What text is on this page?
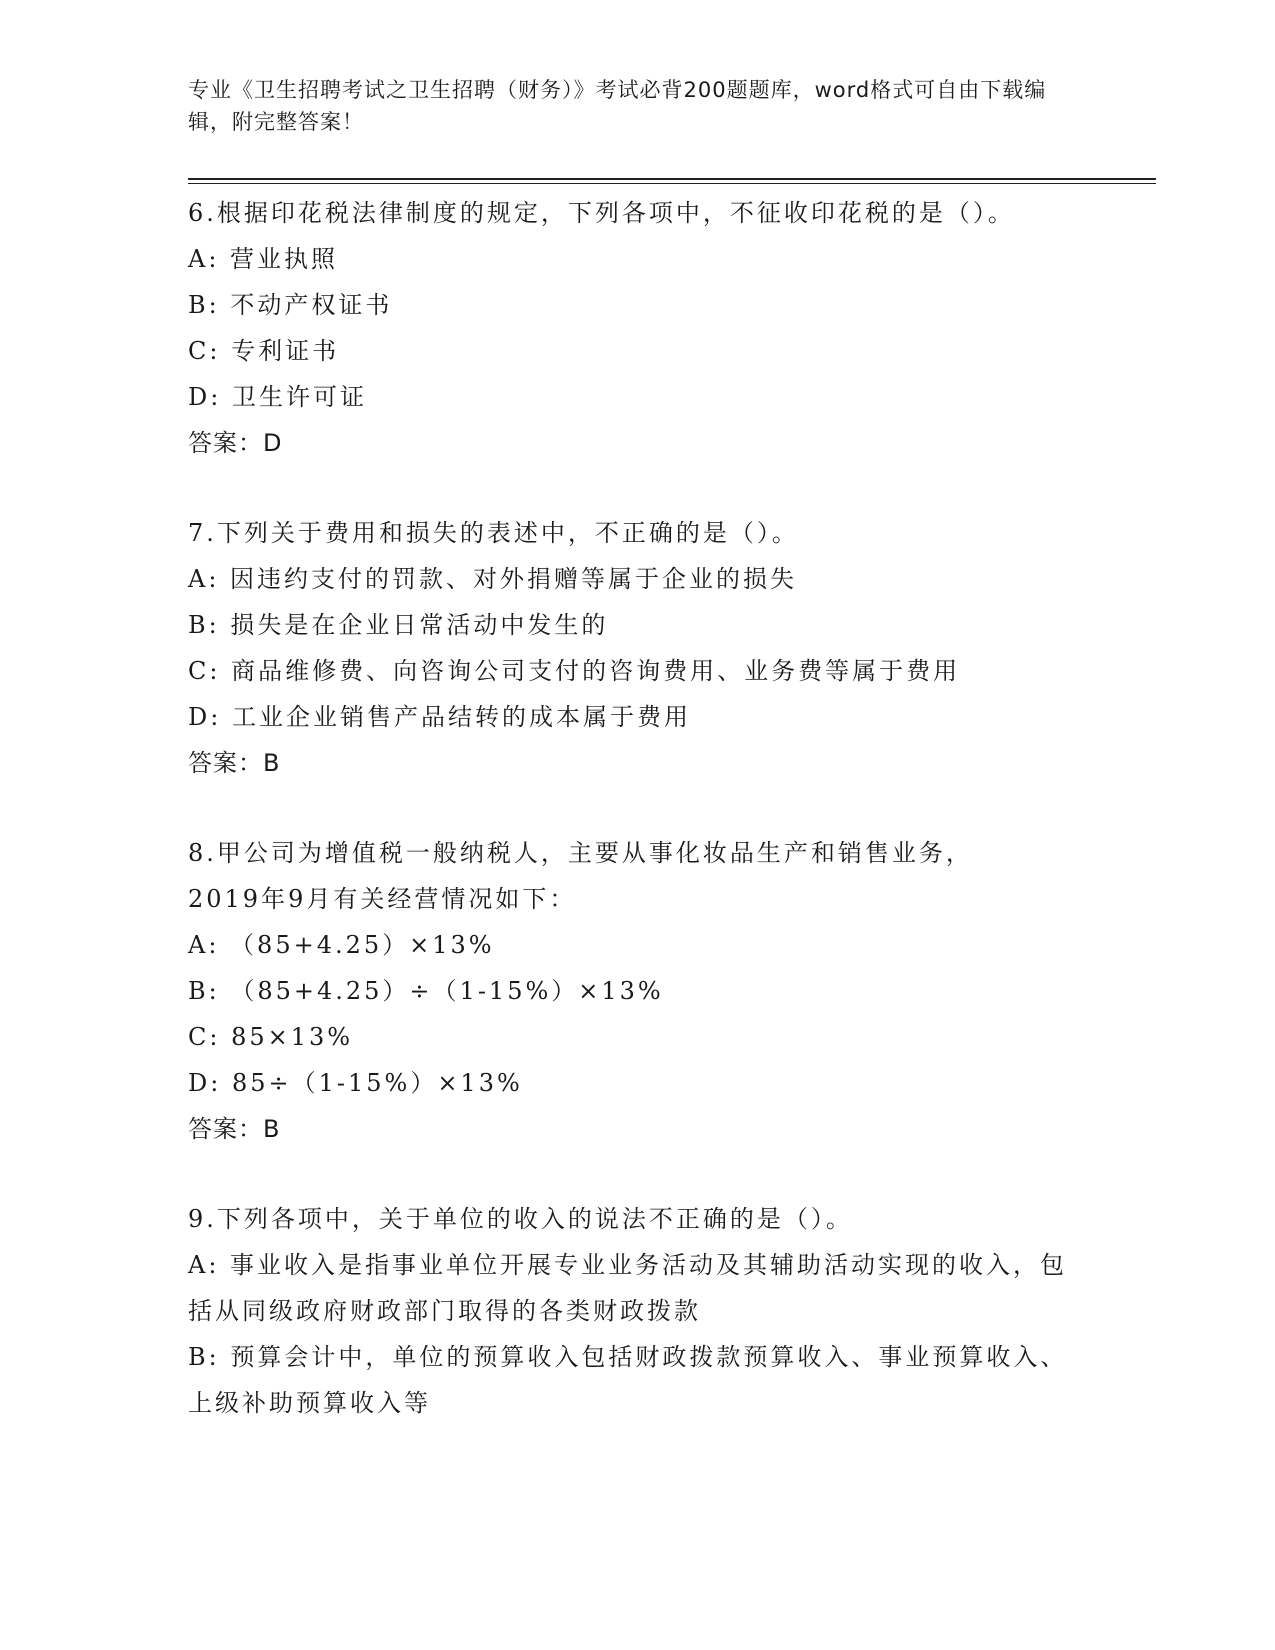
专业《卫生招聘考试之卫生招聘（财务）》考试必背200题题库，word格式可自由下载编辑，附完整答案！
6.根据印花税法律制度的规定，下列各项中，不征收印花税的是（）。
A: 营业执照
B: 不动产权证书
C: 专利证书
D: 卫生许可证
答案：D
7.下列关于费用和损失的表述中，不正确的是（）。
A: 因违约支付的罚款、对外捐赠等属于企业的损失
B: 损失是在企业日常活动中发生的
C: 商品维修费、向咨询公司支付的咨询费用、业务费等属于费用
D: 工业企业销售产品结转的成本属于费用
答案：B
8.甲公司为增值税一般纳税人，主要从事化妆品生产和销售业务，2019年9月有关经营情况如下：
A: （85+4.25）×13%
B: （85+4.25）÷（1-15%）×13%
C: 85×13%
D: 85÷（1-15%）×13%
答案：B
9.下列各项中，关于单位的收入的说法不正确的是（）。
A: 事业收入是指事业单位开展专业业务活动及其辅助活动实现的收入，包括从同级政府财政部门取得的各类财政拨款
B: 预算会计中，单位的预算收入包括财政拨款预算收入、事业预算收入、上级补助预算收入等
